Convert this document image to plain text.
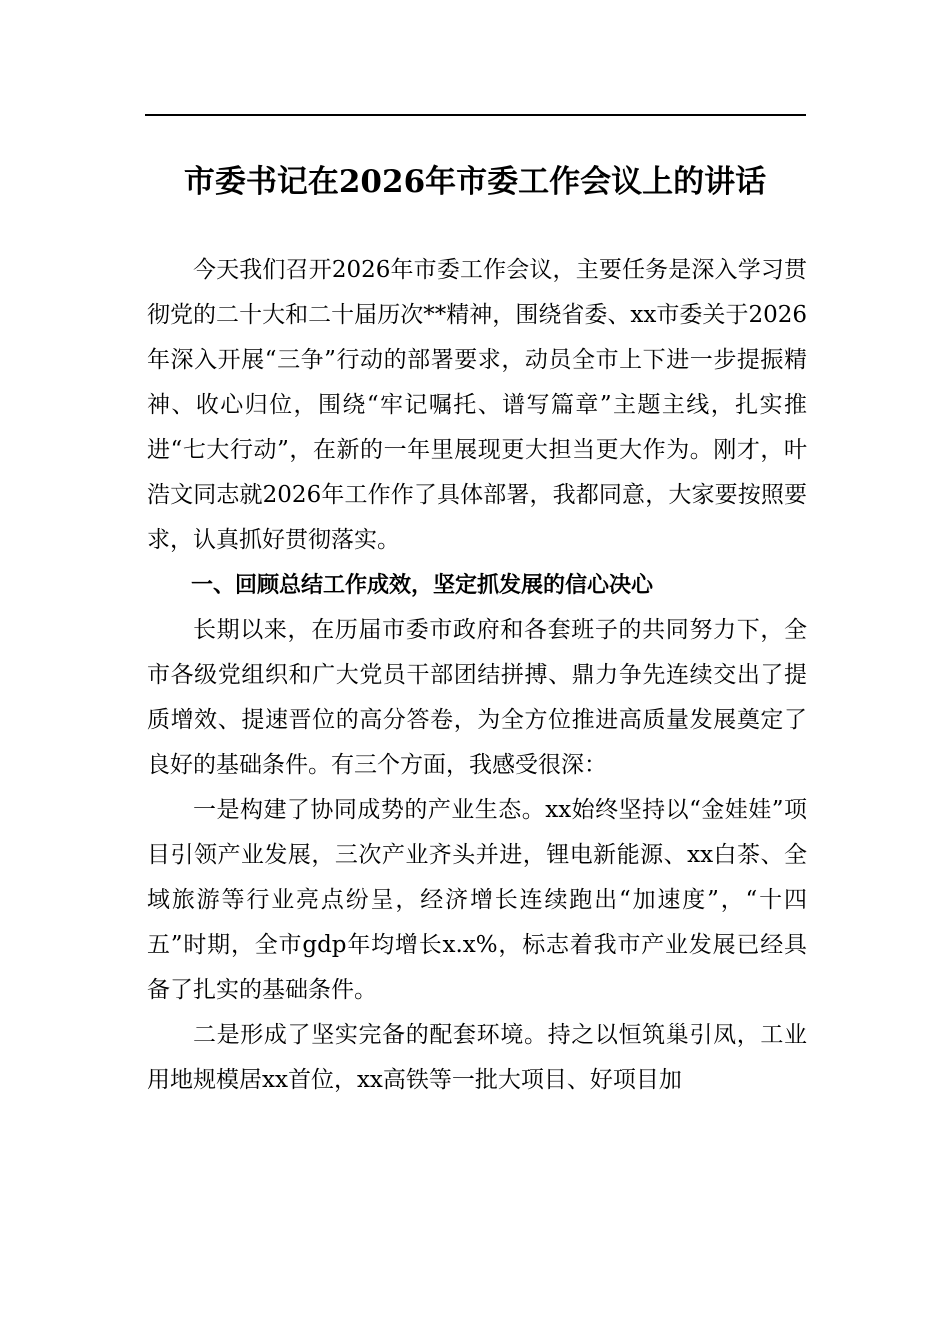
市委书记在2026年市委工作会议上的讲话

今天我们召开2026年市委工作会议，主要任务是深入学习贯彻党的二十大和二十届历次**精神，围绕省委、xx市委关于2026年深入开展“三争”行动的部署要求，动员全市上下进一步提振精神、收心归位，围绕“牢记嘱托、谱写篇章”主题主线，扎实推进“七大行动”，在新的一年里展现更大担当更大作为。刚才，叶浩文同志就2026年工作作了具体部署，我都同意，大家要按照要求，认真抓好贯彻落实。

一、回顾总结工作成效，坚定抓发展的信心决心

长期以来，在历届市委市政府和各套班子的共同努力下，全市各级党组织和广大党员干部团结拼搏、鼎力争先连续交出了提质增效、提速晋位的高分答卷，为全方位推进高质量发展奠定了良好的基础条件。有三个方面，我感受很深：

一是构建了协同成势的产业生态。xx始终坚持以“金娃娃”项目引领产业发展，三次产业齐头并进，锂电新能源、xx白茶、全域旅游等行业亮点纷呈，经济增长连续跑出“加速度”，“十四五”时期，全市gdp年均增长x.x%，标志着我市产业发展已经具备了扎实的基础条件。

二是形成了坚实完备的配套环境。持之以恒筑巢引凤，工业用地规模居xx首位，xx高铁等一批大项目、好项目加
